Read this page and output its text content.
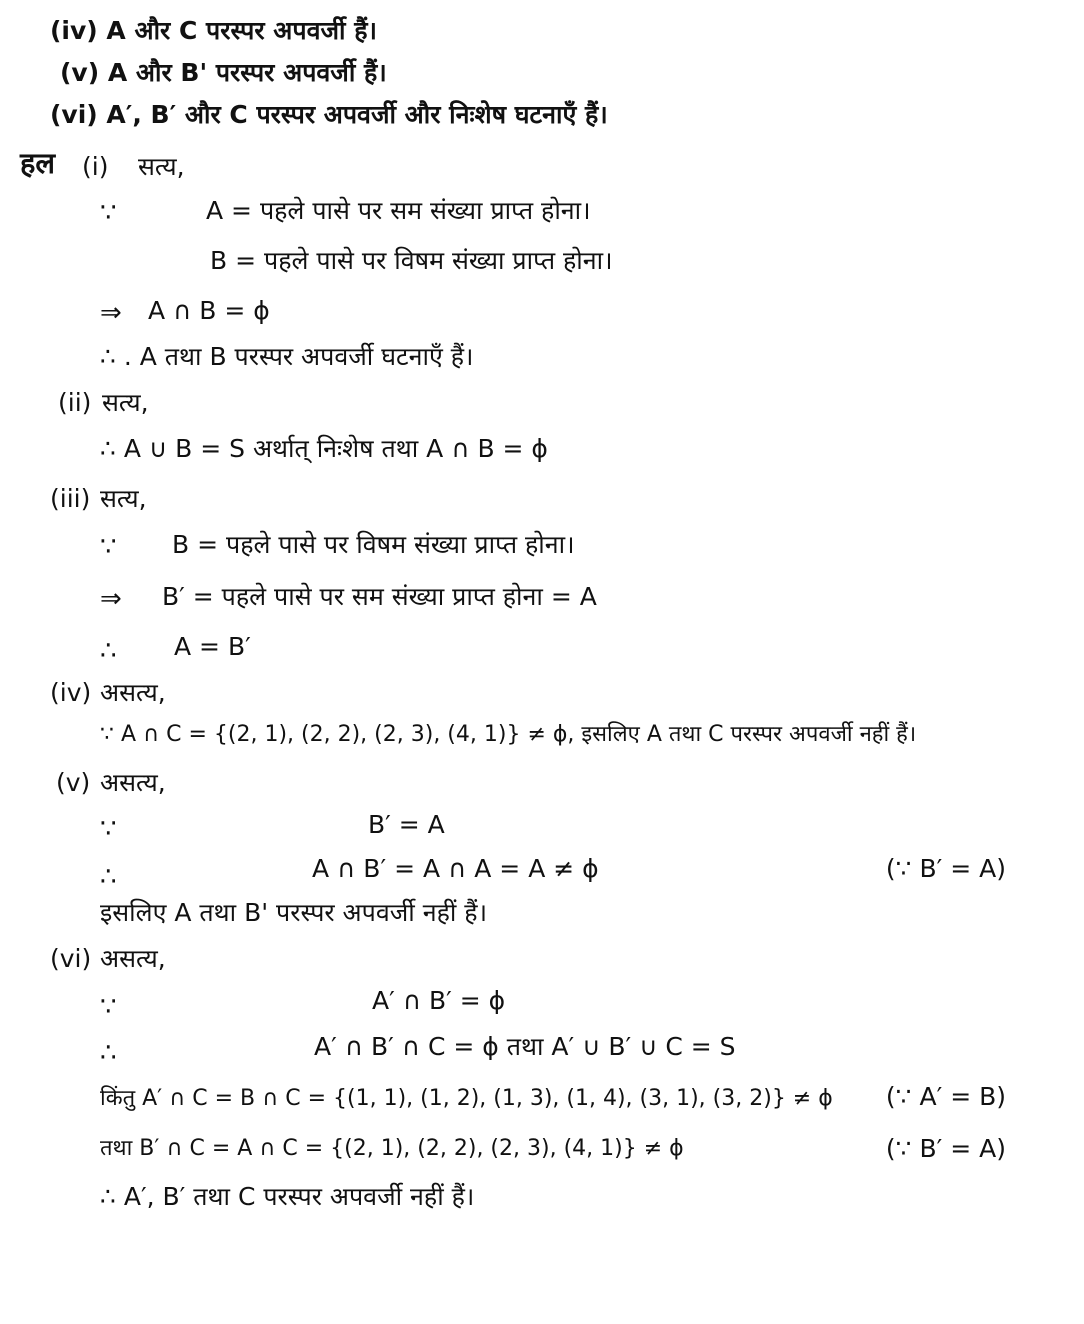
(iv) A और C परस्पर अपवर्जी हैं।
(v) A और B' परस्पर अपवर्जी हैं।
(vi) A′, B′ और C परस्पर अपवर्जी और निःशेष घटनाएँ हैं।
हल (i) सत्य,
∵	A = पहले पासे पर सम संख्या प्राप्त होना।
B = पहले पासे पर विषम संख्या प्राप्त होना।
⇒ A ∩ B = ϕ
∴ . A तथा B परस्पर अपवर्जी घटनाएँ हैं।
(ii) सत्य,
∴ A ∪ B = S अर्थात् निःशेष तथा A ∩ B = ϕ
(iii) सत्य,
∵ B = पहले पासे पर विषम संख्या प्राप्त होना।
⇒ B′ = पहले पासे पर सम संख्या प्राप्त होना = A
∴ A = B′
(iv) असत्य,
∵ A ∩ C = {(2, 1), (2, 2), (2, 3), (4, 1)} ≠ ϕ, इसलिए A तथा C परस्पर अपवर्जी नहीं हैं।
(v) असत्य,
∵	B′ = A
∴	A ∩ B′ = A ∩ A = A ≠ ϕ	(∵ B′ = A)
इसलिए A तथा B' परस्पर अपवर्जी नहीं हैं।
(vi) असत्य,
∵	A′ ∩ B′ = ϕ
∴	A′ ∩ B′ ∩ C = ϕ तथा A′ ∪ B′ ∪ C = S
किंतु A′ ∩ C = B ∩ C = {(1, 1), (1, 2), (1, 3), (1, 4), (3, 1), (3, 2)} ≠ ϕ (∵ A′ = B)
तथा B′ ∩ C = A ∩ C = {(2, 1), (2, 2), (2, 3), (4, 1)} ≠ ϕ	(∵ B′ = A)
∴ A′, B′ तथा C परस्पर अपवर्जी नहीं हैं।
